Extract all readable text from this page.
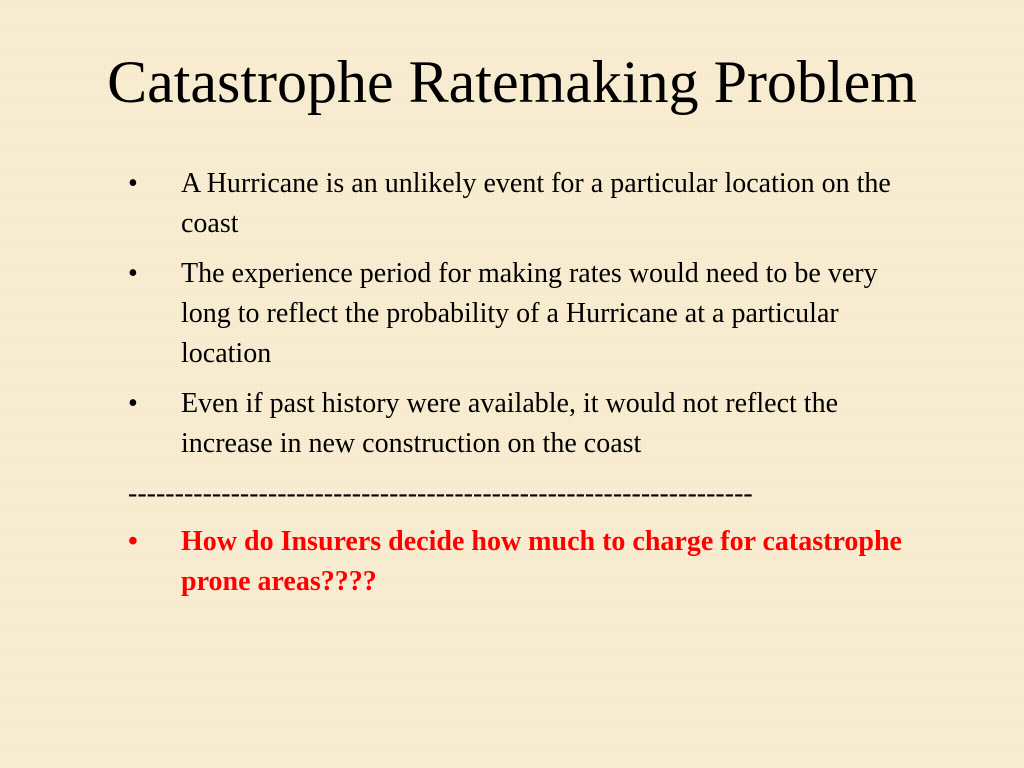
Catastrophe Ratemaking Problem
•	A Hurricane is an unlikely event for a particular location on the coast
•	The experience period for making rates would need to be very long to reflect the probability of a Hurricane at a particular location
•	Even if past history were available, it would not reflect the increase in new construction on the coast
-------------------------------------------------------------------
•	How do Insurers decide how much to charge for catastrophe prone areas????
